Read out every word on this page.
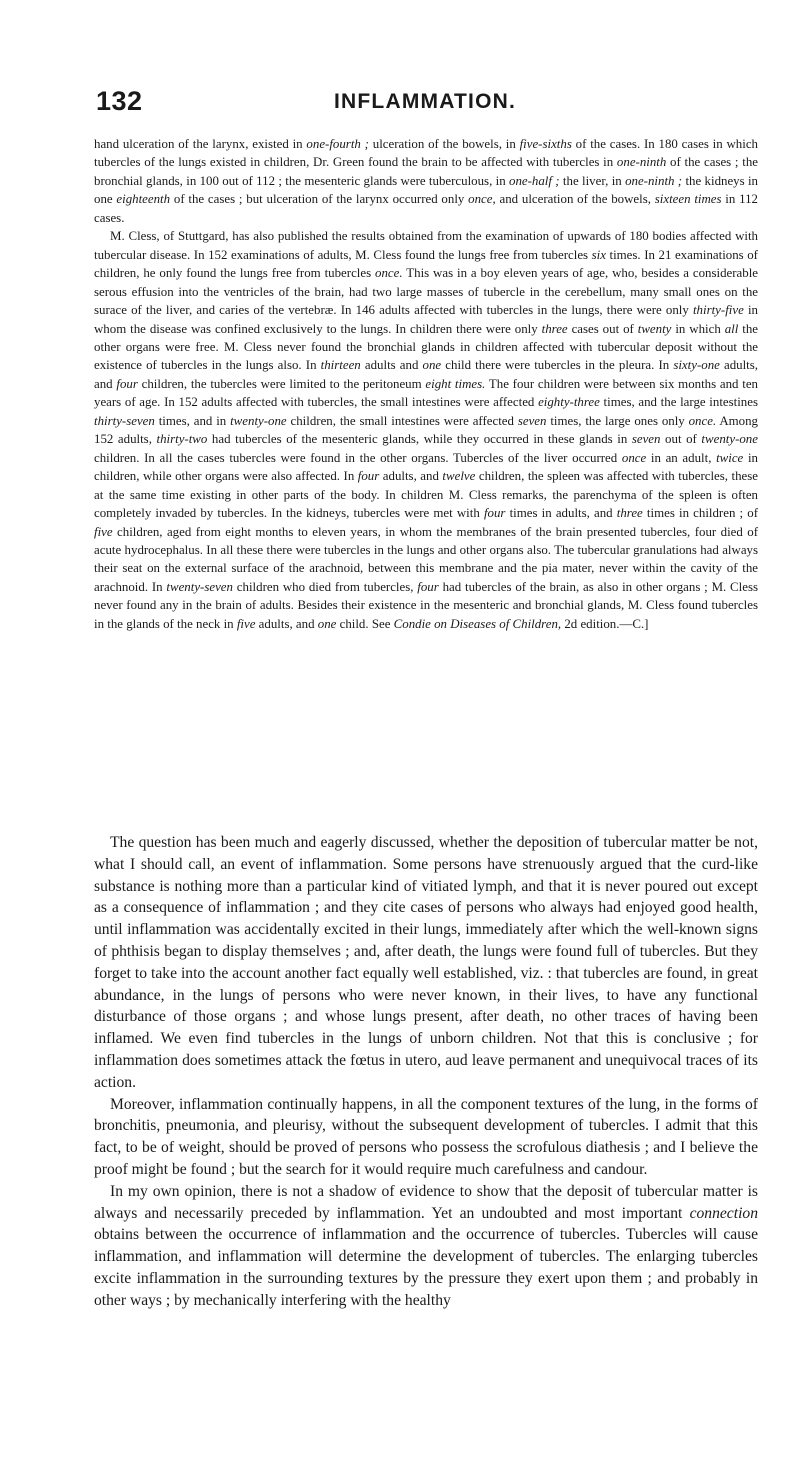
132	INFLAMMATION.

hand ulceration of the larynx, existed in one-fourth ; ulceration of the bowels, in five-sixths of the cases. In 180 cases in which tubercles of the lungs existed in children, Dr. Green found the brain to be affected with tubercles in one-ninth of the cases ; the bronchial glands, in 100 out of 112 ; the mesenteric glands were tuberculous, in one-half ; the liver, in one-ninth ; the kidneys in one eighteenth of the cases ; but ulceration of the larynx occurred only once, and ulceration of the bowels, sixteen times in 112 cases.

M. Cless, of Stuttgard, has also published the results obtained from the examination of upwards of 180 bodies affected with tubercular disease. In 152 examinations of adults, M. Cless found the lungs free from tubercles six times. In 21 examinations of children, he only found the lungs free from tubercles once. This was in a boy eleven years of age, who, besides a considerable serous effusion into the ventricles of the brain, had two large masses of tubercle in the cerebellum, many small ones on the surace of the liver, and caries of the vertebræ. In 146 adults affected with tubercles in the lungs, there were only thirty-five in whom the disease was confined exclusively to the lungs. In children there were only three cases out of twenty in which all the other organs were free. M. Cless never found the bronchial glands in children affected with tubercular deposit without the existence of tubercles in the lungs also. In thirteen adults and one child there were tubercles in the pleura. In sixty-one adults, and four children, the tubercles were limited to the peritoneum eight times. The four children were between six months and ten years of age. In 152 adults affected with tubercles, the small intestines were affected eighty-three times, and the large intestines thirty-seven times, and in twenty-one children, the small intestines were affected seven times, the large ones only once. Among 152 adults, thirty-two had tubercles of the mesenteric glands, while they occurred in these glands in seven out of twenty-one children. In all the cases tubercles were found in the other organs. Tubercles of the liver occurred once in an adult, twice in children, while other organs were also affected. In four adults, and twelve children, the spleen was affected with tubercles, these at the same time existing in other parts of the body. In children M. Cless remarks, the parenchyma of the spleen is often completely invaded by tubercles. In the kidneys, tubercles were met with four times in adults, and three times in children ; of five children, aged from eight months to eleven years, in whom the membranes of the brain presented tubercles, four died of acute hydrocephalus. In all these there were tubercles in the lungs and other organs also. The tubercular granulations had always their seat on the external surface of the arachnoid, between this membrane and the pia mater, never within the cavity of the arachnoid. In twenty-seven children who died from tubercles, four had tubercles of the brain, as also in other organs ; M. Cless never found any in the brain of adults. Besides their existence in the mesenteric and bronchial glands, M. Cless found tubercles in the glands of the neck in five adults, and one child. See Condie on Diseases of Children, 2d edition.—C.]

The question has been much and eagerly discussed, whether the deposition of tubercular matter be not, what I should call, an event of inflammation. Some persons have strenuously argued that the curd-like substance is nothing more than a particular kind of vitiated lymph, and that it is never poured out except as a consequence of inflammation ; and they cite cases of persons who always had enjoyed good health, until inflammation was accidentally excited in their lungs, immediately after which the well-known signs of phthisis began to display themselves ; and, after death, the lungs were found full of tubercles. But they forget to take into the account another fact equally well established, viz. : that tubercles are found, in great abundance, in the lungs of persons who were never known, in their lives, to have any functional disturbance of those organs ; and whose lungs present, after death, no other traces of having been inflamed. We even find tubercles in the lungs of unborn children. Not that this is conclusive ; for inflammation does sometimes attack the fœtus in utero, aud leave permanent and unequivocal traces of its action.

Moreover, inflammation continually happens, in all the component textures of the lung, in the forms of bronchitis, pneumonia, and pleurisy, without the subsequent development of tubercles. I admit that this fact, to be of weight, should be proved of persons who possess the scrofulous diathesis ; and I believe the proof might be found ; but the search for it would require much carefulness and candour.

In my own opinion, there is not a shadow of evidence to show that the deposit of tubercular matter is always and necessarily preceded by inflammation. Yet an undoubted and most important connection obtains between the occurrence of inflammation and the occurrence of tubercles. Tubercles will cause inflammation, and inflammation will determine the development of tubercles. The enlarging tubercles excite inflammation in the surrounding textures by the pressure they exert upon them ; and probably in other ways ; by mechanically interfering with the healthy
